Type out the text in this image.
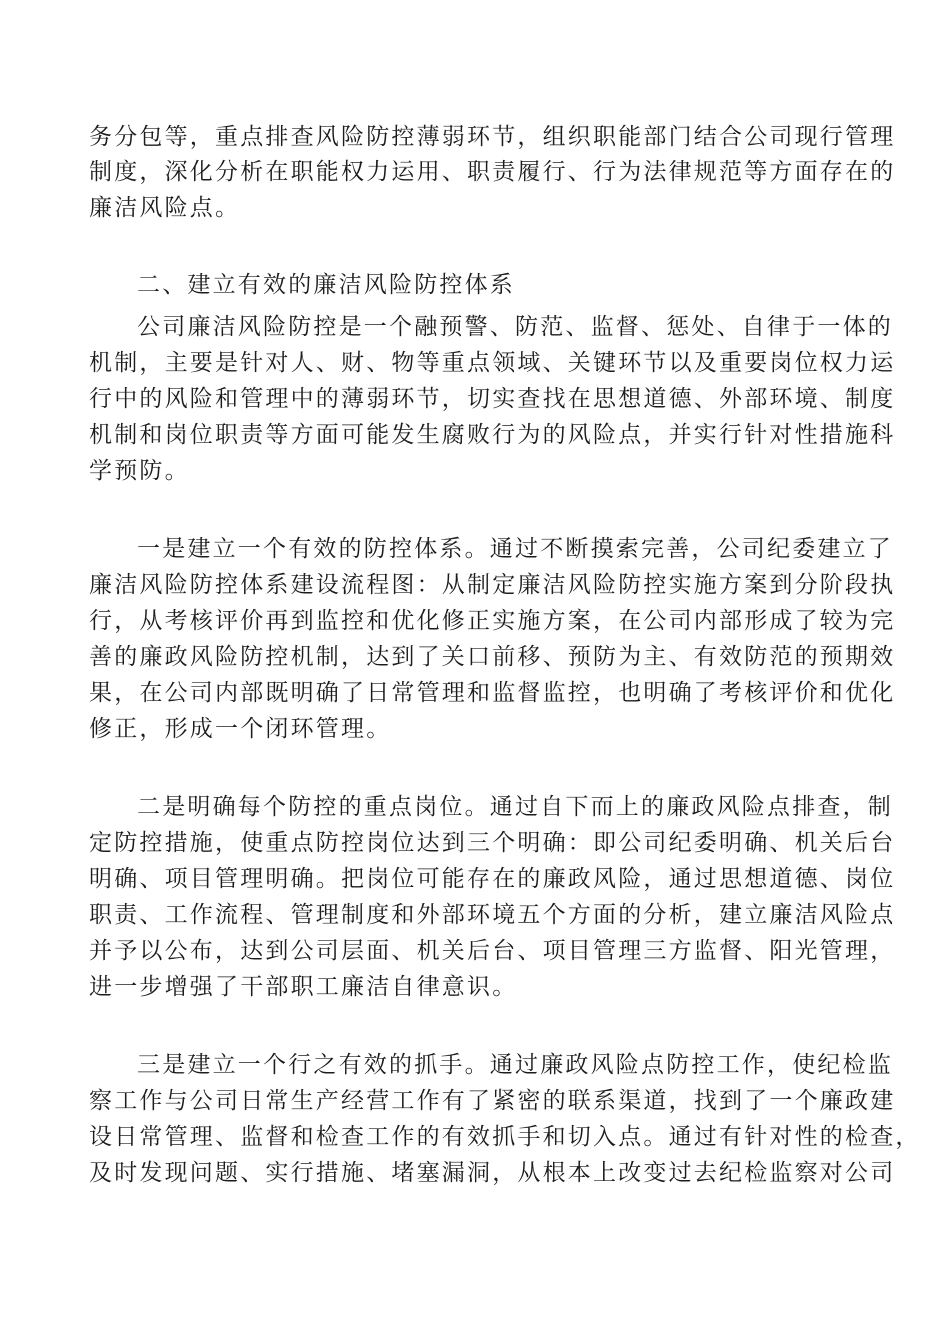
务分包等，重点排查风险防控薄弱环节，组织职能部门结合公司现行管理
制度，深化分析在职能权力运用、职责履行、行为法律规范等方面存在的
廉洁风险点。
二、建立有效的廉洁风险防控体系
公司廉洁风险防控是一个融预警、防范、监督、惩处、自律于一体的
机制，主要是针对人、财、物等重点领域、关键环节以及重要岗位权力运
行中的风险和管理中的薄弱环节，切实查找在思想道德、外部环境、制度
机制和岗位职责等方面可能发生腐败行为的风险点，并实行针对性措施科
学预防。
一是建立一个有效的防控体系。通过不断摸索完善，公司纪委建立了
廉洁风险防控体系建设流程图：从制定廉洁风险防控实施方案到分阶段执
行，从考核评价再到监控和优化修正实施方案，在公司内部形成了较为完
善的廉政风险防控机制，达到了关口前移、预防为主、有效防范的预期效
果，在公司内部既明确了日常管理和监督监控，也明确了考核评价和优化
修正，形成一个闭环管理。
二是明确每个防控的重点岗位。通过自下而上的廉政风险点排查，制
定防控措施，使重点防控岗位达到三个明确：即公司纪委明确、机关后台
明确、项目管理明确。把岗位可能存在的廉政风险，通过思想道德、岗位
职责、工作流程、管理制度和外部环境五个方面的分析，建立廉洁风险点
并予以公布，达到公司层面、机关后台、项目管理三方监督、阳光管理，
进一步增强了干部职工廉洁自律意识。
三是建立一个行之有效的抓手。通过廉政风险点防控工作，使纪检监
察工作与公司日常生产经营工作有了紧密的联系渠道，找到了一个廉政建
设日常管理、监督和检查工作的有效抓手和切入点。通过有针对性的检查，
及时发现问题、实行措施、堵塞漏洞，从根本上改变过去纪检监察对公司
